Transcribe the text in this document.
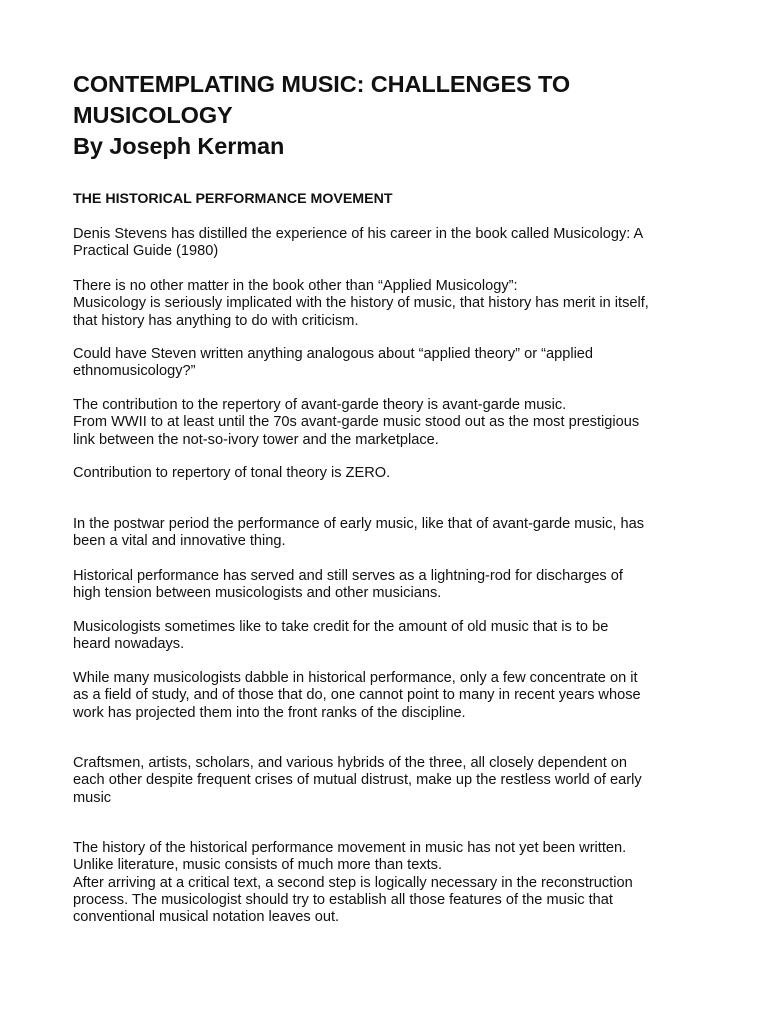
CONTEMPLATING MUSIC: CHALLENGES TO
MUSICOLOGY
By Joseph Kerman
THE HISTORICAL PERFORMANCE MOVEMENT

Denis Stevens has distilled the experience of his career in the book called Musicology: A
Practical Guide (1980)

There is no other matter in the book other than “Applied Musicology”:
Musicology is seriously implicated with the history of music, that history has merit in itself,
that history has anything to do with criticism.

Could have Steven written anything analogous about “applied theory” or “applied
ethnomusicology?”

The contribution to the repertory of avant-garde theory is avant-garde music.
From WWII to at least until the 70s avant-garde music stood out as the most prestigious
link between the not-so-ivory tower and the marketplace.

Contribution to repertory of tonal theory is ZERO.

In the postwar period the performance of early music, like that of avant-garde music, has
been a vital and innovative thing.

Historical performance has served and still serves as a lightning-rod for discharges of
high tension between musicologists and other musicians.

Musicologists sometimes like to take credit for the amount of old music that is to be
heard nowadays.

While many musicologists dabble in historical performance, only a few concentrate on it
as a field of study, and of those that do, one cannot point to many in recent years whose
work has projected them into the front ranks of the discipline.

Craftsmen, artists, scholars, and various hybrids of the three, all closely dependent on
each other despite frequent crises of mutual distrust, make up the restless world of early
music

The history of the historical performance movement in music has not yet been written.
Unlike literature, music consists of much more than texts.
After arriving at a critical text, a second step is logically necessary in the reconstruction
process. The musicologist should try to establish all those features of the music that
conventional musical notation leaves out.
